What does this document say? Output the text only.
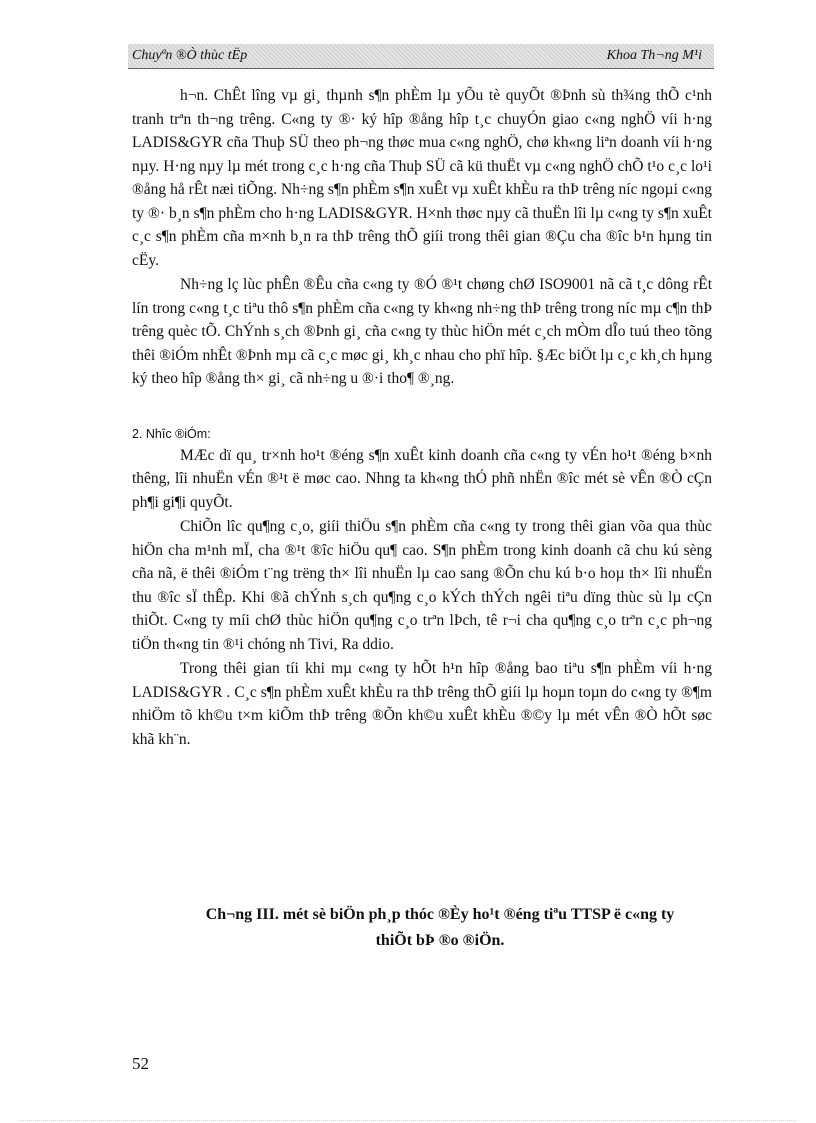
Chuyªn ®Ò thùc tËp	Khoa Th¬ng M¹i

h¬n. ChÊt lîng vµ gi¸ thµnh s¶n phÈm lµ yÕu tè quyÕt ®Þnh sù th¾ng thÕ c¹nh tranh trªn th¬ng trêng. C«ng ty ®· ký hîp ®ång hîp t¸c chuyÓn giao c«ng nghÖ víi h·ng LADIS&GYR cña Thuþ SÜ theo ph¬ng thøc mua c«ng nghÖ, chø kh«ng liªn doanh víi h·ng nµy. H·ng nµy lµ mét trong c¸c h·ng cña Thuþ SÜ cã kü thuËt vµ c«ng nghÖ chÕ t¹o c¸c lo¹i ®ång hå rÊt næi tiÕng. Nh÷ng s¶n phÈm s¶n xuÊt vµ xuÊt khÈu ra thÞ trêng níc ngoµi c«ng ty ®· b¸n s¶n phÈm cho h·ng LADIS&GYR. H×nh thøc nµy cã thuËn lîi lµ c«ng ty s¶n xuÊt c¸c s¶n phÈm cña m×nh b¸n ra thÞ trêng thÕ giíi trong thêi gian ®Çu cha ®îc b¹n hµng tin cËy.

Nh÷ng lç lùc phÊn ®Êu cña c«ng ty ®Ó ®¹t chøng chØ ISO9001 nã cã t¸c dông rÊt lín trong c«ng t¸c tiªu thô s¶n phÈm cña c«ng ty kh«ng nh÷ng thÞ trêng trong níc mµ c¶n thÞ trêng quèc tÕ. ChÝnh s¸ch ®Þnh gi¸ cña c«ng ty thùc hiÖn mét c¸ch mÒm dÎo tuú theo tõng thêi ®iÓm nhÊt ®Þnh mµ cã c¸c møc gi¸ kh¸c nhau cho phï hîp. §Æc biÖt lµ c¸c kh¸ch hµng ký theo hîp ®ång th× gi¸ cã nh÷ng u ®·i tho¶ ®¸ng.

2. Nhîc ®iÓm:

MÆc dï qu¸ tr×nh ho¹t ®éng s¶n xuÊt kinh doanh cña c«ng ty vÉn ho¹t ®éng b×nh thêng, lîi nhuËn vÉn ®¹t ë møc cao. Nhng ta kh«ng thÓ phñ nhËn ®îc mét sè vÊn ®Ò cÇn ph¶i gi¶i quyÕt.

ChiÕn lîc qu¶ng c¸o, giíi thiÖu s¶n phÈm cña c«ng ty trong thêi gian võa qua thùc hiÖn cha m¹nh mÏ, cha ®¹t ®îc hiÖu qu¶ cao. S¶n phÈm trong kinh doanh cã chu kú sèng cña nã, ë thêi ®iÓm t¨ng trëng th× lîi nhuËn lµ cao sang ®Õn chu kú b·o hoµ th× lîi nhuËn thu ®îc sÏ thÊp. Khi ®ã chÝnh s¸ch qu¶ng c¸o kÝch thÝch ngêi tiªu dïng thùc sù lµ cÇn thiÕt. C«ng ty míi chØ thùc hiÖn qu¶ng c¸o trªn lÞch, tê r¬i cha qu¶ng c¸o trªn c¸c ph¬ng tiÖn th«ng tin ®¹i chóng nh Tivi, Ra ddio.

Trong thêi gian tíi khi mµ c«ng ty hÕt h¹n hîp ®ång bao tiªu s¶n phÈm víi h·ng LADIS&GYR . C¸c s¶n phÈm xuÊt khÈu ra thÞ trêng thÕ giíi lµ hoµn toµn do c«ng ty ®¶m nhiÖm tõ kh©u t×m kiÕm thÞ trêng ®Õn kh©u xuÊt khÈu ®©y lµ mét vÊn ®Ò hÕt søc khã kh¨n.

Ch¬ng III. mét sè biÖn ph¸p thóc ®Èy ho¹t ®éng tiªu TTSP ë c«ng ty
thiÕt bÞ ®o ®iÖn.
52
